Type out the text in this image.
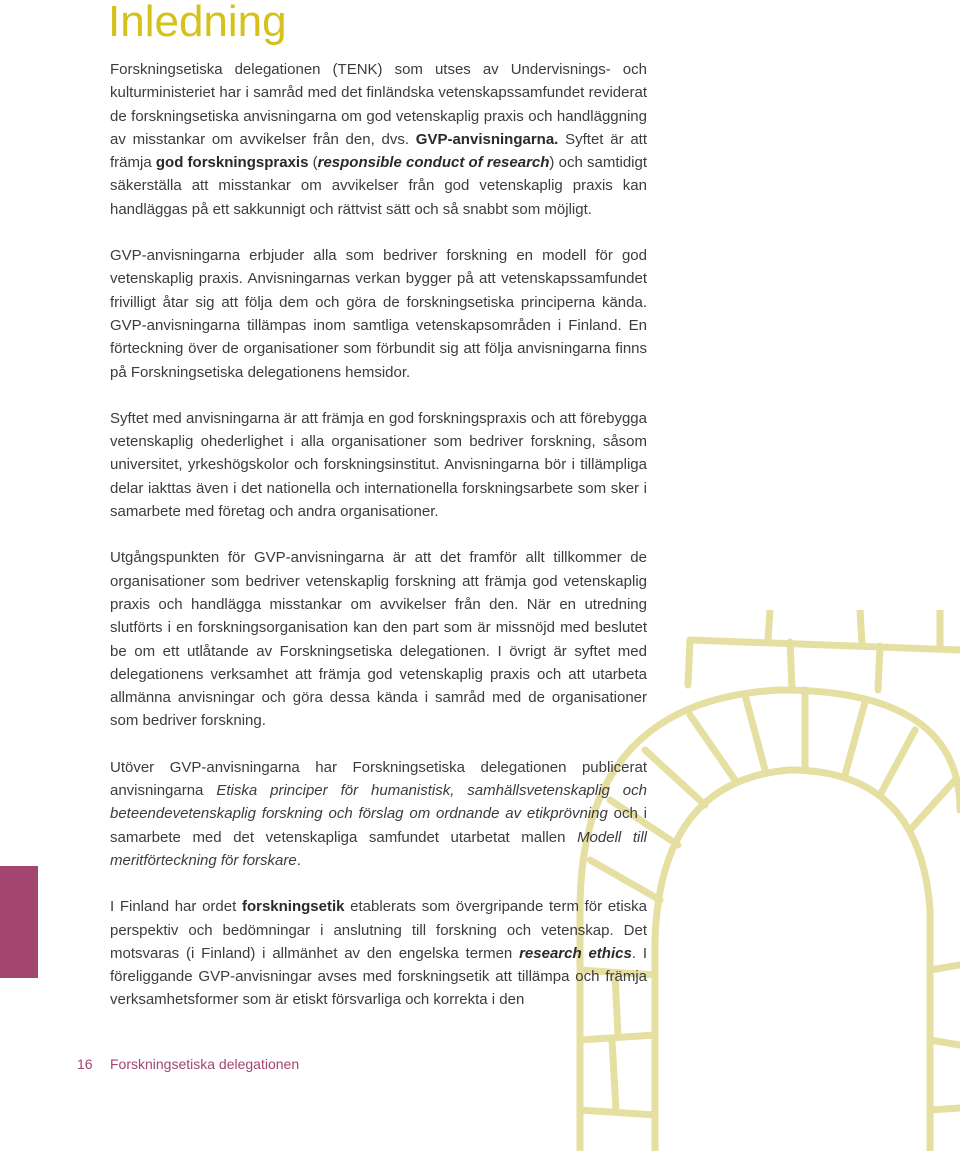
Inledning

Forskningsetiska delegationen (TENK) som utses av Undervisnings- och kulturministeriet har i samråd med det finländska vetenskapssamfundet reviderat de forskningsetiska anvisningarna om god vetenskaplig praxis och handläggning av misstankar om avvikelser från den, dvs. GVP-anvisningarna. Syftet är att främja god forskningspraxis (responsible conduct of research) och samtidigt säkerställa att misstankar om avvikelser från god vetenskaplig praxis kan handläggas på ett sakkunnigt och rättvist sätt och så snabbt som möjligt.

GVP-anvisningarna erbjuder alla som bedriver forskning en modell för god vetenskaplig praxis. Anvisningarnas verkan bygger på att vetenskapssamfundet frivilligt åtar sig att följa dem och göra de forskningsetiska principerna kända. GVP-anvisningarna tillämpas inom samtliga vetenskapsområden i Finland. En förteckning över de organisationer som förbundit sig att följa anvisningarna finns på Forskningsetiska delegationens hemsidor.

Syftet med anvisningarna är att främja en god forskningspraxis och att förebygga vetenskaplig ohederlighet i alla organisationer som bedriver forskning, såsom universitet, yrkeshögskolor och forskningsinstitut. Anvisningarna bör i tillämpliga delar iakttas även i det nationella och internationella forskningsarbete som sker i samarbete med företag och andra organisationer.

Utgångspunkten för GVP-anvisningarna är att det framför allt tillkommer de organisationer som bedriver vetenskaplig forskning att främja god vetenskaplig praxis och handlägga misstankar om avvikelser från den. När en utredning slutförts i en forskningsorganisation kan den part som är missnöjd med beslutet be om ett utlåtande av Forskningsetiska delegationen. I övrigt är syftet med delegationens verksamhet att främja god vetenskaplig praxis och att utarbeta allmänna anvisningar och göra dessa kända i samråd med de organisationer som bedriver forskning.

Utöver GVP-anvisningarna har Forskningsetiska delegationen publicerat anvisningarna Etiska principer för humanistisk, samhällsvetenskaplig och beteendevetenskaplig forskning och förslag om ordnande av etikprövning och i samarbete med det vetenskapliga samfundet utarbetat mallen Modell till meritförteckning för forskare.

I Finland har ordet forskningsetik etablerats som övergripande term för etiska perspektiv och bedömningar i anslutning till forskning och vetenskap. Det motsvaras (i Finland) i allmänhet av den engelska termen research ethics. I föreliggande GVP-anvisningar avses med forskningsetik att tillämpa och främja verksamhetsformer som är etiskt försvarliga och korrekta i den

16 Forskningsetiska delegationen
